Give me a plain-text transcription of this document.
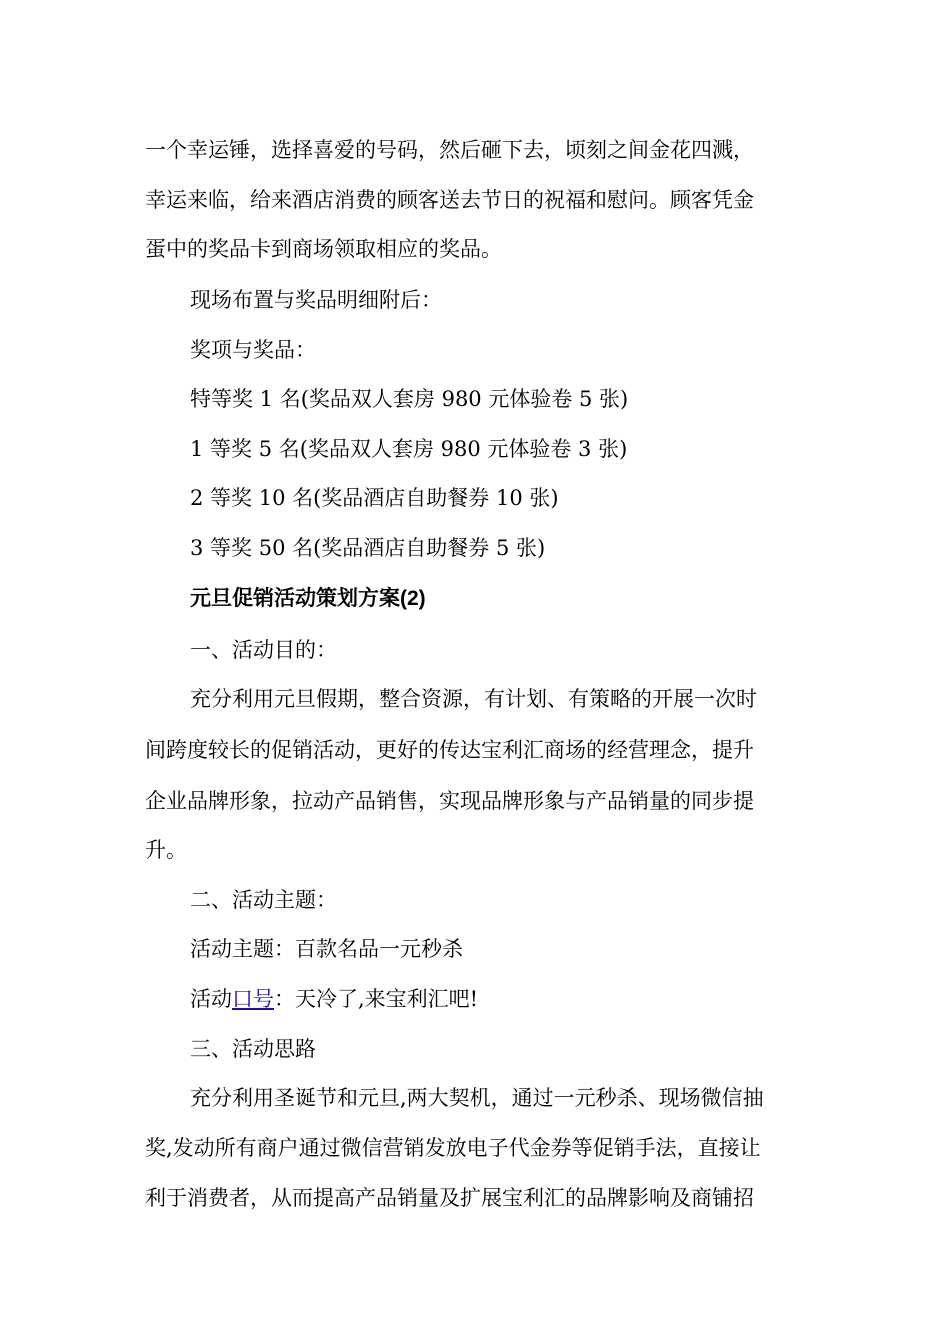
一个幸运锤，选择喜爱的号码，然后砸下去，顷刻之间金花四溅，
幸运来临，给来酒店消费的顾客送去节日的祝福和慰问。顾客凭金
蛋中的奖品卡到商场领取相应的奖品。
现场布置与奖品明细附后：
奖项与奖品：
特等奖 1 名(奖品双人套房 980 元体验卷 5 张)
1 等奖 5 名(奖品双人套房 980 元体验卷 3 张)
2 等奖 10 名(奖品酒店自助餐券 10 张)
3 等奖 50 名(奖品酒店自助餐券 5 张)
元旦促销活动策划方案(2)
一、活动目的：
充分利用元旦假期，整合资源，有计划、有策略的开展一次时
间跨度较长的促销活动，更好的传达宝利汇商场的经营理念，提升
企业品牌形象，拉动产品销售，实现品牌形象与产品销量的同步提
升。
二、活动主题：
活动主题：百款名品一元秒杀
活动口号：天冷了,来宝利汇吧!
三、活动思路
充分利用圣诞节和元旦,两大契机，通过一元秒杀、现场微信抽
奖,发动所有商户通过微信营销发放电子代金券等促销手法，直接让
利于消费者，从而提高产品销量及扩展宝利汇的品牌影响及商铺招
